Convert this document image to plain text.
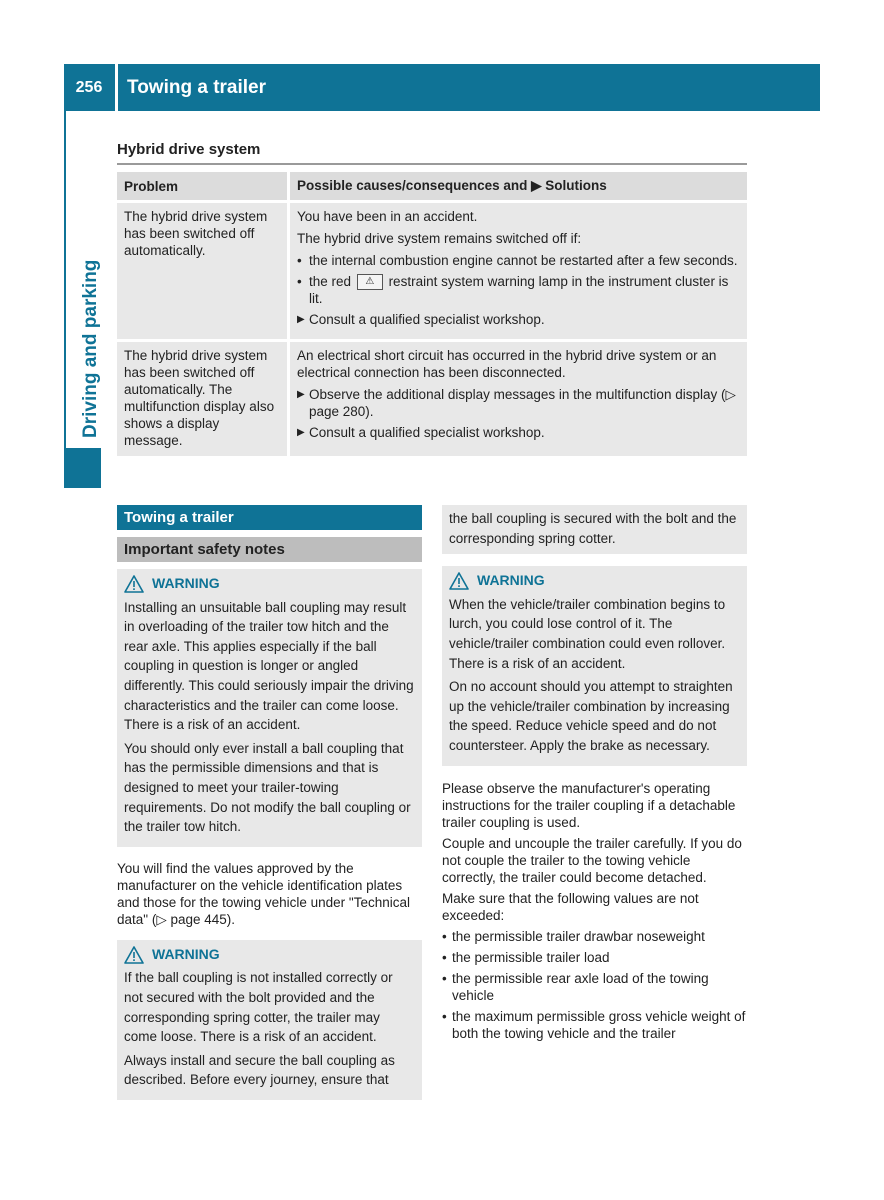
256	Towing a trailer
Driving and parking
Hybrid drive system
Problem	Possible causes/consequences and ▶ Solutions
The hybrid drive system has been switched off automatically.

You have been in an accident.

The hybrid drive system remains switched off if:

• the internal combustion engine cannot be restarted after a few seconds.
• the red ⚠ restraint system warning lamp in the instrument cluster is lit.
▶ Consult a qualified specialist workshop.
The hybrid drive system has been switched off automatically. The multifunction display also shows a display message.

An electrical short circuit has occurred in the hybrid drive system or an electrical connection has been disconnected.

▶ Observe the additional display messages in the multifunction display (▷ page 280).
▶ Consult a qualified specialist workshop.
Towing a trailer
Important safety notes
WARNING

Installing an unsuitable ball coupling may result in overloading of the trailer tow hitch and the rear axle. This applies especially if the ball coupling in question is longer or angled differently. This could seriously impair the driving characteristics and the trailer can come loose. There is a risk of an accident.

You should only ever install a ball coupling that has the permissible dimensions and that is designed to meet your trailer-towing requirements. Do not modify the ball coupling or the trailer tow hitch.

You will find the values approved by the manufacturer on the vehicle identification plates and those for the towing vehicle under "Technical data" (▷ page 445).
WARNING

If the ball coupling is not installed correctly or not secured with the bolt provided and the corresponding spring cotter, the trailer may come loose. There is a risk of an accident.

Always install and secure the ball coupling as described. Before every journey, ensure that

the ball coupling is secured with the bolt and the corresponding spring cotter.

WARNING

When the vehicle/trailer combination begins to lurch, you could lose control of it. The vehicle/trailer combination could even rollover. There is a risk of an accident.

On no account should you attempt to straighten up the vehicle/trailer combination by increasing the speed. Reduce vehicle speed and do not countersteer. Apply the brake as necessary.

Please observe the manufacturer's operating instructions for the trailer coupling if a detachable trailer coupling is used.

Couple and uncouple the trailer carefully. If you do not couple the trailer to the towing vehicle correctly, the trailer could become detached.

Make sure that the following values are not exceeded:

• the permissible trailer drawbar noseweight
• the permissible trailer load
• the permissible rear axle load of the towing vehicle
• the maximum permissible gross vehicle weight of both the towing vehicle and the trailer
